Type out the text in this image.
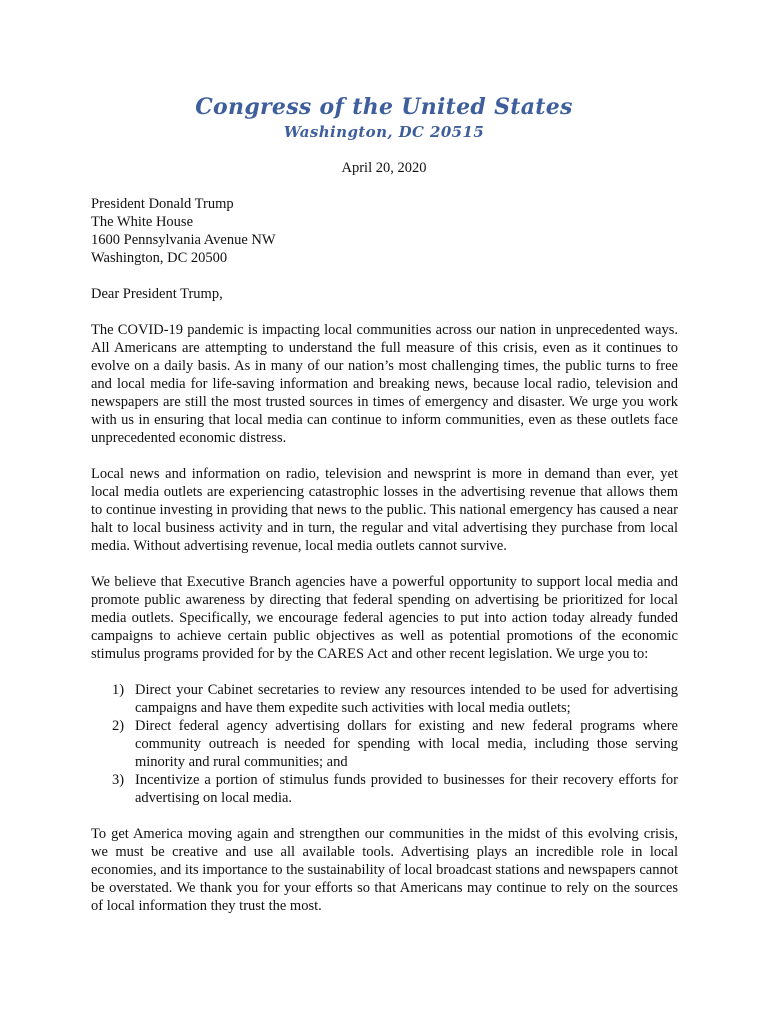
Congress of the United States
Washington, DC 20515
April 20, 2020
President Donald Trump
The White House
1600 Pennsylvania Avenue NW
Washington, DC 20500
Dear President Trump,

The COVID-19 pandemic is impacting local communities across our nation in unprecedented ways. All Americans are attempting to understand the full measure of this crisis, even as it continues to evolve on a daily basis. As in many of our nation’s most challenging times, the public turns to free and local media for life-saving information and breaking news, because local radio, television and newspapers are still the most trusted sources in times of emergency and disaster. We urge you work with us in ensuring that local media can continue to inform communities, even as these outlets face unprecedented economic distress.

Local news and information on radio, television and newsprint is more in demand than ever, yet local media outlets are experiencing catastrophic losses in the advertising revenue that allows them to continue investing in providing that news to the public. This national emergency has caused a near halt to local business activity and in turn, the regular and vital advertising they purchase from local media. Without advertising revenue, local media outlets cannot survive.

We believe that Executive Branch agencies have a powerful opportunity to support local media and promote public awareness by directing that federal spending on advertising be prioritized for local media outlets. Specifically, we encourage federal agencies to put into action today already funded campaigns to achieve certain public objectives as well as potential promotions of the economic stimulus programs provided for by the CARES Act and other recent legislation. We urge you to:

1) Direct your Cabinet secretaries to review any resources intended to be used for advertising campaigns and have them expedite such activities with local media outlets;
2) Direct federal agency advertising dollars for existing and new federal programs where community outreach is needed for spending with local media, including those serving minority and rural communities; and
3) Incentivize a portion of stimulus funds provided to businesses for their recovery efforts for advertising on local media.

To get America moving again and strengthen our communities in the midst of this evolving crisis, we must be creative and use all available tools. Advertising plays an incredible role in local economies, and its importance to the sustainability of local broadcast stations and newspapers cannot be overstated. We thank you for your efforts so that Americans may continue to rely on the sources of local information they trust the most.
